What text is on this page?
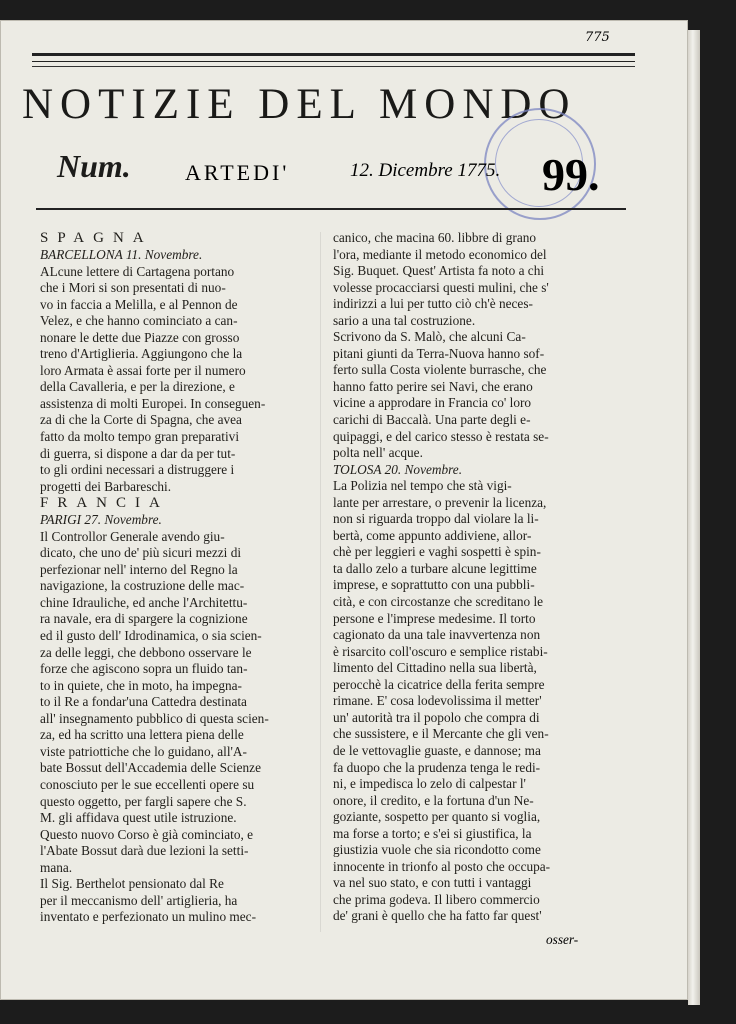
775
NOTIZIE DEL MONDO
Num. ARTEDI'	12. Dicembre 1775. 99.

SPAGNA

BARCELLONA 11. Novembre.

ALcune lettere di Cartagena portano

che i Mori si son presentati di nuo-

vo in faccia a Melilla, e al Pennon de

Velez, e che hanno cominciato a can-

nonare le dette due Piazze con grosso

treno d'Artiglieria. Aggiungono che la

loro Armata è assai forte per il numero

della Cavalleria, e per la direzione, e

assistenza di molti Europei. In conseguen-

za di che la Corte di Spagna, che avea

fatto da molto tempo gran preparativi

di guerra, si dispone a dar da per tut-

to gli ordini necessari a distruggere i

progetti dei Barbareschi.

FRANCIA

PARIGI 27. Novembre.

Il Controllor Generale avendo giu-

dicato, che uno de' più sicuri mezzi di

perfezionar nell' interno del Regno la

navigazione, la costruzione delle mac-

chine Idrauliche, ed anche l'Architettu-

ra navale, era di spargere la cognizione

ed il gusto dell' Idrodinamica, o sia scien-

za delle leggi, che debbono osservare le

forze che agiscono sopra un fluido tan-

to in quiete, che in moto, ha impegna-

to il Re a fondar'una Cattedra destinata

all' insegnamento pubblico di questa scien-

za, ed ha scritto una lettera piena delle

viste patriottiche che lo guidano, all'A-

bate Bossut dell'Accademia delle Scienze

conosciuto per le sue eccellenti opere su

questo oggetto, per fargli sapere che S.

M. gli affidava quest utile istruzione.

Questo nuovo Corso è già cominciato, e

l'Abate Bossut darà due lezioni la setti-

mana.

Il Sig. Berthelot pensionato dal Re

per il meccanismo dell' artiglieria, ha

inventato e perfezionato un mulino mec-

canico, che macina 60. libbre di grano

l'ora, mediante il metodo economico del

Sig. Buquet. Quest' Artista fa noto a chi

volesse procacciarsi questi mulini, che s'

indirizzi a lui per tutto ciò ch'è neces-

sario a una tal costruzione.

Scrivono da S. Malò, che alcuni Ca-

pitani giunti da Terra-Nuova hanno sof-

ferto sulla Costa violente burrasche, che

hanno fatto perire sei Navi, che erano

vicine a approdare in Francia co' loro

carichi di Baccalà. Una parte degli e-

quipaggi, e del carico stesso è restata se-

polta nell' acque.

TOLOSA 20. Novembre.

La Polizia nel tempo che stà vigi-

lante per arrestare, o prevenir la licenza,

non si riguarda troppo dal violare la li-

bertà, come appunto addiviene, allor-

chè per leggieri e vaghi sospetti è spin-

ta dallo zelo a turbare alcune legittime

imprese, e soprattutto con una pubbli-

cità, e con circostanze che screditano le

persone e l'imprese medesime. Il torto

cagionato da una tale inavvertenza non

è risarcito coll'oscuro e semplice ristabi-

limento del Cittadino nella sua libertà,

perocchè la cicatrice della ferita sempre

rimane. E' cosa lodevolissima il metter'

un' autorità tra il popolo che compra di

che sussistere, e il Mercante che gli ven-

de le vettovaglie guaste, e dannose; ma

fa duopo che la prudenza tenga le redi-

ni, e impedisca lo zelo di calpestar l'

onore, il credito, e la fortuna d'un Ne-

goziante, sospetto per quanto si voglia,

ma forse a torto; e s'ei si giustifica, la

giustizia vuole che sia ricondotto come

innocente in trionfo al posto che occupa-

va nel suo stato, e con tutti i vantaggi

che prima godeva. Il libero commercio

de' grani è quello che ha fatto far quest'

osser-
